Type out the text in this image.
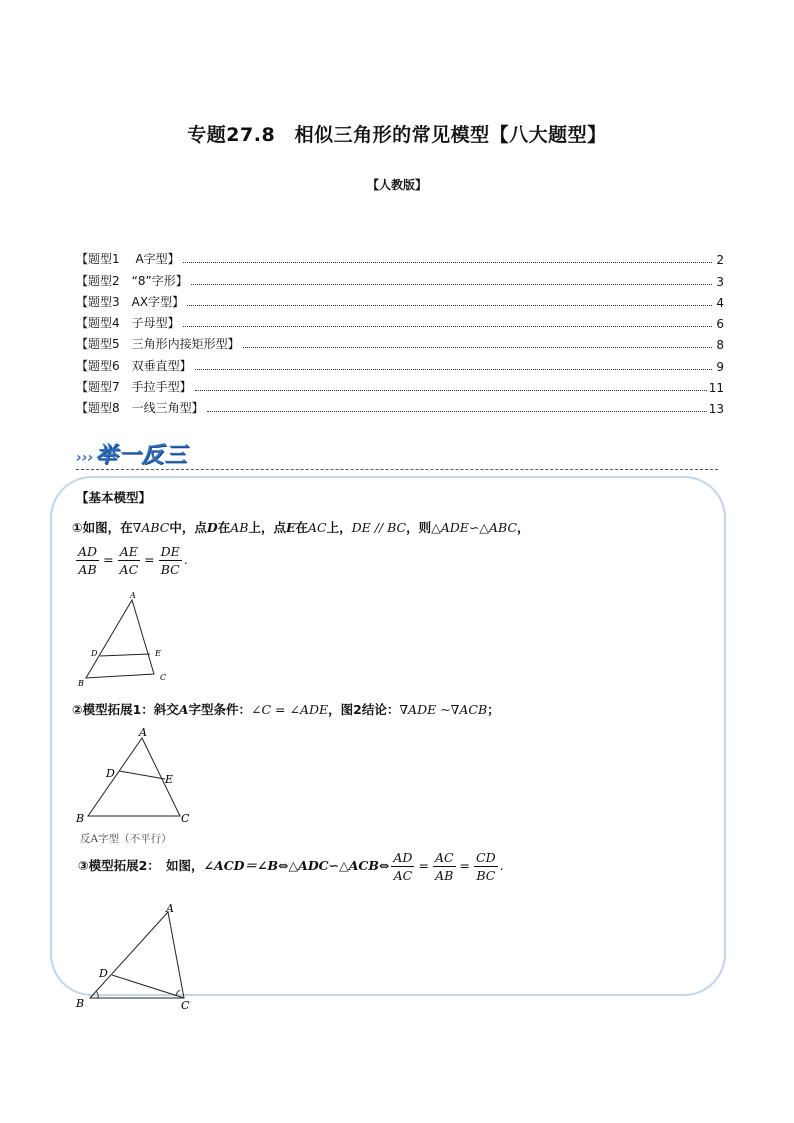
专题27.8　相似三角形的常见模型【八大题型】
【人教版】
【题型1　 A字型】	2
【题型2　“8”字形】	3
【题型3　AX字型】	4
【题型4　子母型】	6
【题型5　三角形内接矩形型】	8
【题型6　双垂直型】	9
【题型7　手拉手型】	11
【题型8　一线三角型】	13
›››举一反三
【基本模型】
①如图，在∇ABC中，点D在AB上，点E在AC上，DE // BC，则△ADE∽△ABC，
$\frac{AD}{AB} = \frac{AE}{AC} = \frac{DE}{BC}$ .
A
D	E
B
C
②模型拓展1：斜交A字型条件：∠C = ∠ADE，图2结论：∇ADE ~∇ACB；
A
D	E
B	C
反A字型（不平行）
③模型拓展2：　如图，∠ACD＝∠B⇔△ADC∽△ACB⇔ $\frac{AD}{AC} = \frac{AC}{AB} = \frac{CD}{BC}$ .
A
D
B	C
